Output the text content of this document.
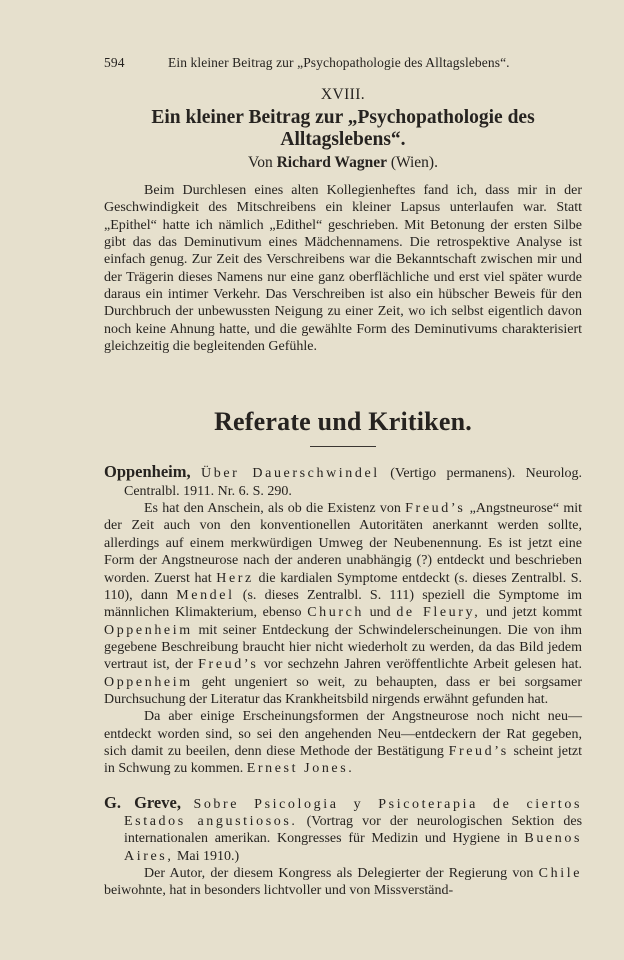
594	Ein kleiner Beitrag zur „Psychopathologie des Alltagslebens“.
XVIII.
Ein kleiner Beitrag zur „Psychopathologie des Alltagslebens“.
Von Richard Wagner (Wien).

Beim Durchlesen eines alten Kollegienheftes fand ich, dass mir in der Geschwindigkeit des Mitschreibens ein kleiner Lapsus unterlaufen war. Statt „Epithel“ hatte ich nämlich „Edithel“ geschrieben. Mit Betonung der ersten Silbe gibt das das Deminutivum eines Mädchennamens. Die retrospektive Analyse ist einfach genug. Zur Zeit des Verschreibens war die Bekanntschaft zwischen mir und der Trägerin dieses Namens nur eine ganz oberflächliche und erst viel später wurde daraus ein intimer Verkehr. Das Verschreiben ist also ein hübscher Beweis für den Durchbruch der unbewussten Neigung zu einer Zeit, wo ich selbst eigentlich davon noch keine Ahnung hatte, und die gewählte Form des Deminutivums charakterisiert gleichzeitig die begleitenden Gefühle.

Referate und Kritiken.

Oppenheim, Über Dauerschwindel (Vertigo permanens). Neurolog. Centralbl. 1911. Nr. 6. S. 290.

Es hat den Anschein, als ob die Existenz von Freud’s „Angstneurose“ mit der Zeit auch von den konventionellen Autoritäten anerkannt werden sollte, allerdings auf einem merkwürdigen Umweg der Neubenennung. Es ist jetzt eine Form der Angstneurose nach der anderen unabhängig (?) entdeckt und beschrieben worden. Zuerst hat Herz die kardialen Symptome entdeckt (s. dieses Zentralbl. S. 110), dann Mendel (s. dieses Zentralbl. S. 111) speziell die Symptome im männlichen Klimakterium, ebenso Church und de Fleury, und jetzt kommt Oppenheim mit seiner Entdeckung der Schwindelerscheinungen. Die von ihm gegebene Beschreibung braucht hier nicht wiederholt zu werden, da das Bild jedem vertraut ist, der Freud’s vor sechzehn Jahren veröffentlichte Arbeit gelesen hat. Oppenheim geht ungeniert so weit, zu behaupten, dass er bei sorgsamer Durchsuchung der Literatur das Krankheitsbild nirgends erwähnt gefunden hat.

Da aber einige Erscheinungsformen der Angstneurose noch nicht neu—entdeckt worden sind, so sei den angehenden Neu—entdeckern der Rat gegeben, sich damit zu beeilen, denn diese Methode der Bestätigung Freud’s scheint jetzt in Schwung zu kommen. Ernest Jones.

G. Greve, Sobre Psicologia y Psicoterapia de ciertos Estados angustiosos. (Vortrag vor der neurologischen Sektion des internationalen amerikan. Kongresses für Medizin und Hygiene in Buenos Aires, Mai 1910.)

Der Autor, der diesem Kongress als Delegierter der Regierung von Chile beiwohnte, hat in besonders lichtvoller und von Missverständ-
